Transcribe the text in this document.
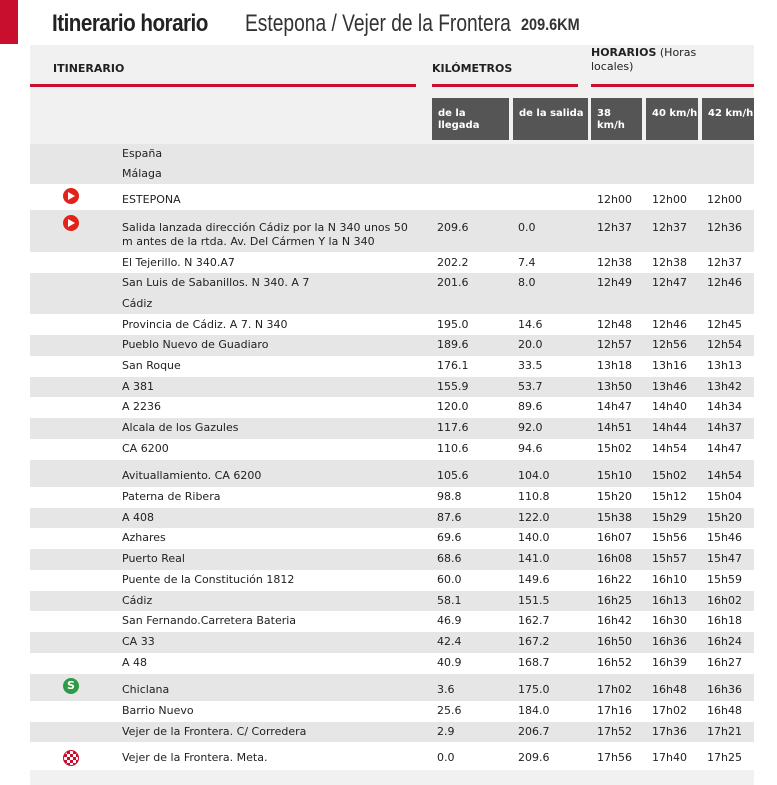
Itinerario horario Estepona / Vejer de la Frontera 209.6KM
ITINERARIO	KILÓMETROS
HORARIOS (Horas locales)
de la llegada
de la salida	38 km/h
40 km/h	42 km/h
España
Málaga
ESTEPONA	12h00 12h00 12h00
Salida lanzada dirección Cádiz por la N 340 unos 50 m antes de la rtda. Av. Del Cármen Y la N 340
209.6	0.0	12h37 12h37 12h36
El Tejerillo. N 340.A7	202.2	7.4	12h38 12h38 12h37
San Luis de Sabanillos. N 340. A 7	201.6	8.0	12h49 12h47 12h46
Cádiz
Provincia de Cádiz. A 7. N 340	195.0	14.6	12h48 12h46 12h45
Pueblo Nuevo de Guadiaro	189.6	20.0	12h57 12h56 12h54
San Roque	176.1	33.5	13h18 13h16 13h13
A 381	155.9	53.7	13h50 13h46 13h42
A 2236	120.0	89.6	14h47 14h40 14h34
Alcala de los Gazules	117.6	92.0	14h51 14h44 14h37
CA 6200	110.6	94.6	15h02 14h54 14h47
Avituallamiento. CA 6200	105.6	104.0	15h10 15h02 14h54
Paterna de Ribera	98.8	110.8	15h20 15h12 15h04
A 408	87.6	122.0	15h38 15h29 15h20
Azhares	69.6	140.0	16h07 15h56 15h46
Puerto Real	68.6	141.0	16h08 15h57 15h47
Puente de la Constitución 1812	60.0	149.6	16h22 16h10 15h59
Cádiz	58.1	151.5	16h25 16h13 16h02
San Fernando.Carretera Bateria	46.9	162.7	16h42 16h30 16h18
CA 33	42.4	167.2	16h50 16h36 16h24
A 48	40.9	168.7	16h52 16h39 16h27
S	Chiclana	3.6	175.0	17h02 16h48 16h36
Barrio Nuevo	25.6	184.0	17h16 17h02 16h48
Vejer de la Frontera. C/ Corredera	2.9	206.7	17h52 17h36 17h21
Vejer de la Frontera. Meta.	0.0	209.6	17h56 17h40 17h25
